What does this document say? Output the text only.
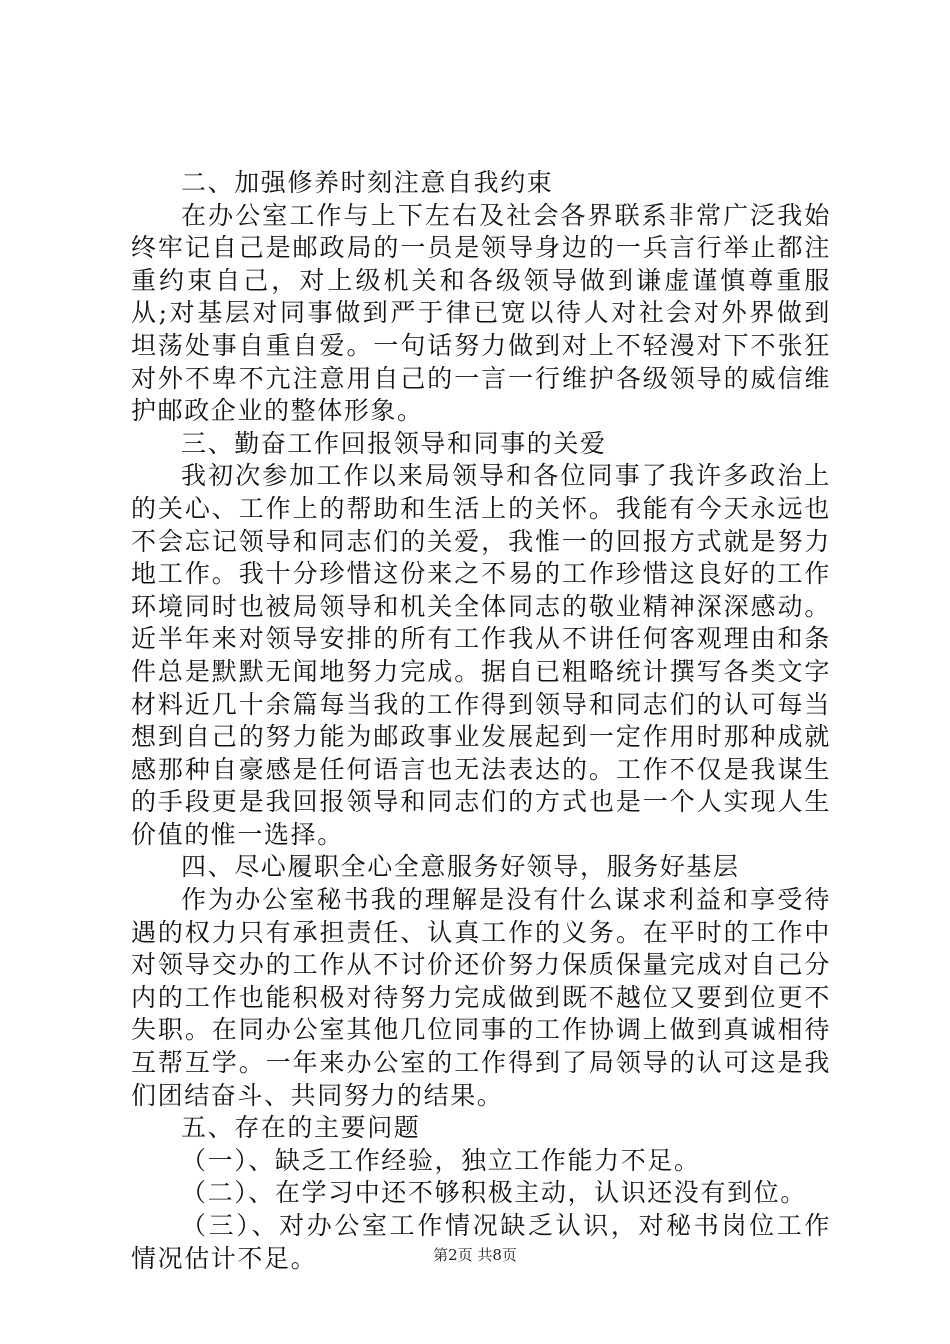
二、加强修养时刻注意自我约束

在办公室工作与上下左右及社会各界联系非常广泛我始终牢记自己是邮政局的一员是领导身边的一兵言行举止都注重约束自己，对上级机关和各级领导做到谦虚谨慎尊重服从;对基层对同事做到严于律已宽以待人对社会对外界做到坦荡处事自重自爱。一句话努力做到对上不轻漫对下不张狂对外不卑不亢注意用自己的一言一行维护各级领导的威信维护邮政企业的整体形象。

三、勤奋工作回报领导和同事的关爱

我初次参加工作以来局领导和各位同事了我许多政治上的关心、工作上的帮助和生活上的关怀。我能有今天永远也不会忘记领导和同志们的关爱，我惟一的回报方式就是努力地工作。我十分珍惜这份来之不易的工作珍惜这良好的工作环境同时也被局领导和机关全体同志的敬业精神深深感动。近半年来对领导安排的所有工作我从不讲任何客观理由和条件总是默默无闻地努力完成。据自已粗略统计撰写各类文字材料近几十余篇每当我的工作得到领导和同志们的认可每当想到自己的努力能为邮政事业发展起到一定作用时那种成就感那种自豪感是任何语言也无法表达的。工作不仅是我谋生的手段更是我回报领导和同志们的方式也是一个人实现人生价值的惟一选择。

四、尽心履职全心全意服务好领导，服务好基层

作为办公室秘书我的理解是没有什么谋求利益和享受待遇的权力只有承担责任、认真工作的义务。在平时的工作中对领导交办的工作从不讨价还价努力保质保量完成对自己分内的工作也能积极对待努力完成做到既不越位又要到位更不失职。在同办公室其他几位同事的工作协调上做到真诚相待互帮互学。一年来办公室的工作得到了局领导的认可这是我们团结奋斗、共同努力的结果。

五、存在的主要问题

（一）、缺乏工作经验，独立工作能力不足。

（二）、在学习中还不够积极主动，认识还没有到位。

（三）、对办公室工作情况缺乏认识，对秘书岗位工作情况估计不足。	第2页 共8页
